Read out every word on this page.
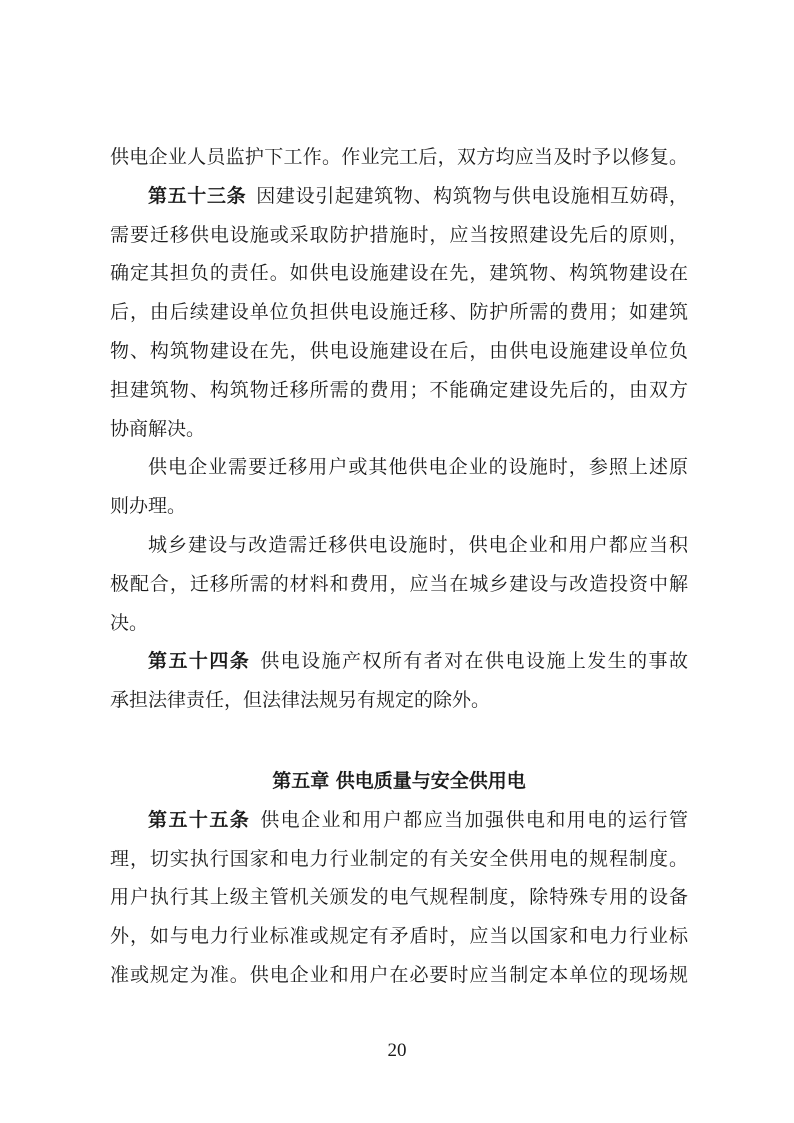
供电企业人员监护下工作。作业完工后，双方均应当及时予以修复。
第五十三条 因建设引起建筑物、构筑物与供电设施相互妨碍，
需要迁移供电设施或采取防护措施时，应当按照建设先后的原则，
确定其担负的责任。如供电设施建设在先，建筑物、构筑物建设在
后，由后续建设单位负担供电设施迁移、防护所需的费用；如建筑
物、构筑物建设在先，供电设施建设在后，由供电设施建设单位负
担建筑物、构筑物迁移所需的费用；不能确定建设先后的，由双方
协商解决。
供电企业需要迁移用户或其他供电企业的设施时，参照上述原
则办理。
城乡建设与改造需迁移供电设施时，供电企业和用户都应当积
极配合，迁移所需的材料和费用，应当在城乡建设与改造投资中解
决。
第五十四条 供电设施产权所有者对在供电设施上发生的事故
承担法律责任，但法律法规另有规定的除外。
第五章 供电质量与安全供用电
第五十五条 供电企业和用户都应当加强供电和用电的运行管
理，切实执行国家和电力行业制定的有关安全供用电的规程制度。
用户执行其上级主管机关颁发的电气规程制度，除特殊专用的设备
外，如与电力行业标准或规定有矛盾时，应当以国家和电力行业标
准或规定为准。供电企业和用户在必要时应当制定本单位的现场规
20
